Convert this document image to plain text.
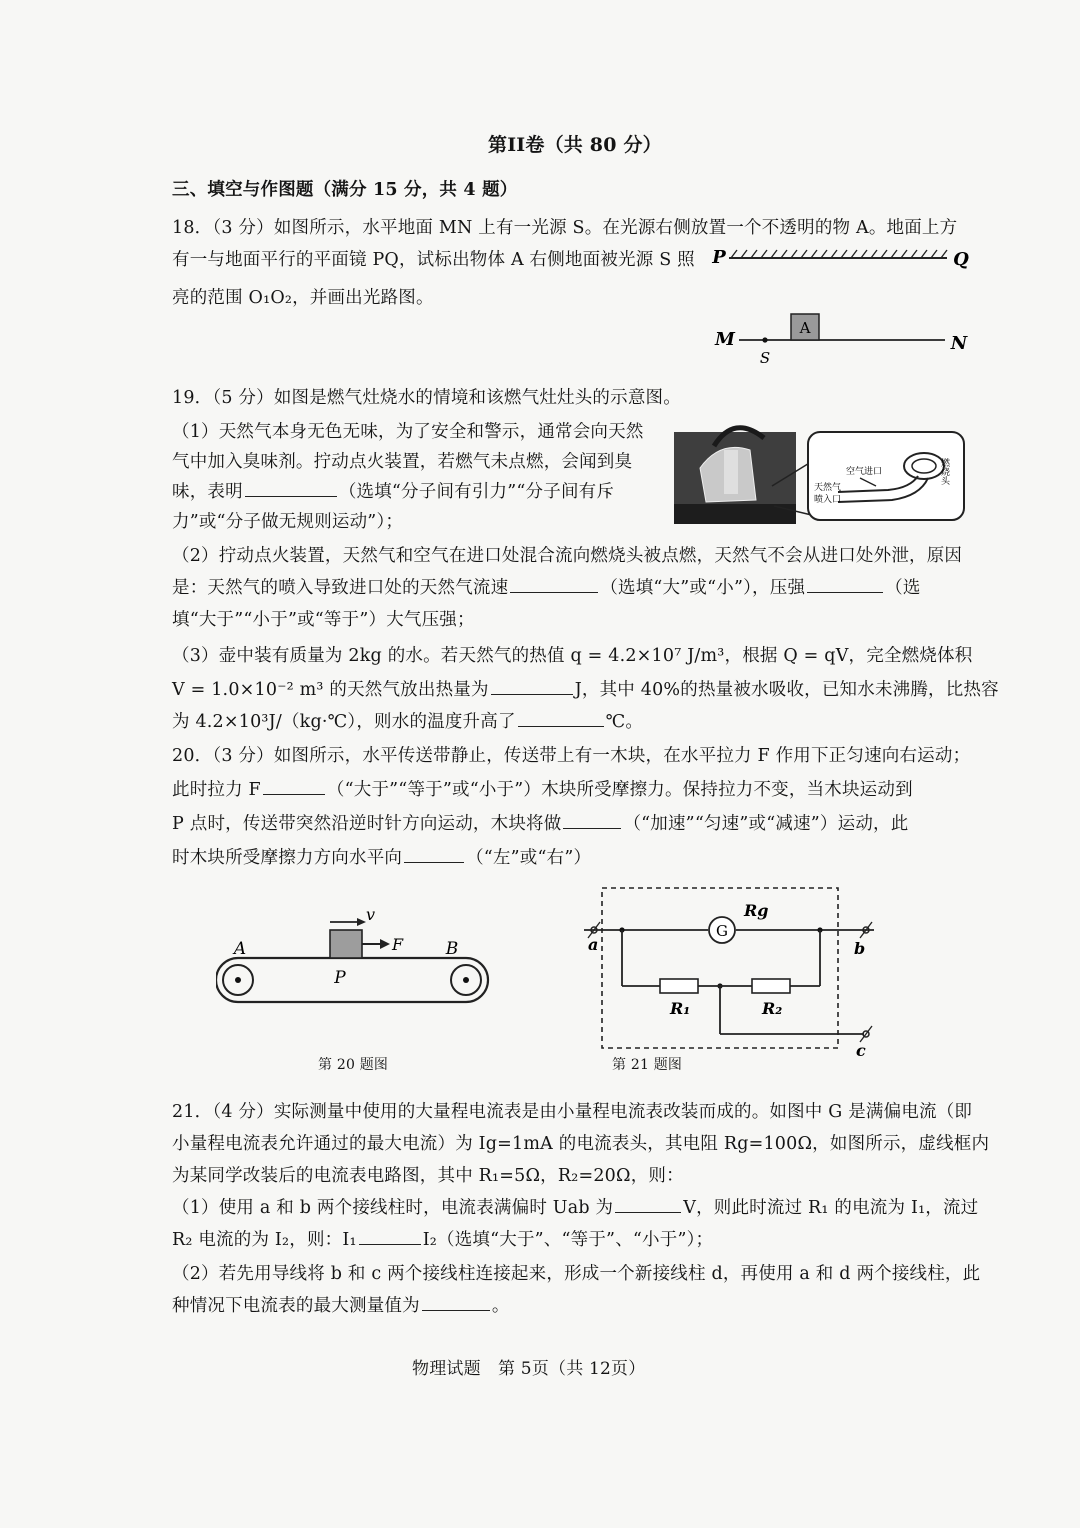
第II卷（共 80 分）
三、填空与作图题（满分 15 分，共 4 题）
18．（3 分）如图所示，水平地面 MN 上有一光源 S。在光源右侧放置一个不透明的物 A。地面上方
有一与地面平行的平面镜 PQ，试标出物体 A 右侧地面被光源 S 照
亮的范围 O₁O₂，并画出光路图。
P	Q
M	N
S
A
19．（5 分）如图是燃气灶烧水的情境和该燃气灶灶头的示意图。
（1）天然气本身无色无味，为了安全和警示，通常会向天然
气中加入臭味剂。拧动点火装置，若燃气未点燃，会闻到臭
味，表明	（选填“分子间有引力”“分子间有斥
力”或“分子做无规则运动”）；
空气进口
天然气
喷入口
燃烧头
（2）拧动点火装置，天然气和空气在进口处混合流向燃烧头被点燃，天然气不会从进口处外泄，原因
是：天然气的喷入导致进口处的天然气流速	（选填“大”或“小”），压强	（选
填“大于”“小于”或“等于”）大气压强；
（3）壶中装有质量为 2kg 的水。若天然气的热值 q = 4.2×10⁷ J/m³，根据 Q = qV，完全燃烧体积
V = 1.0×10⁻² m³ 的天然气放出热量为	J，其中 40%的热量被水吸收，已知水未沸腾，比热容
为 4.2×10³J/（kg·℃），则水的温度升高了	℃。
20．（3 分）如图所示，水平传送带静止，传送带上有一木块，在水平拉力 F 作用下正匀速向右运动；
此时拉力 F	（“大于”“等于”或“小于”）木块所受摩擦力。保持拉力不变，当木块运动到
P 点时，传送带突然沿逆时针方向运动，木块将做	（“加速”“匀速”或“减速”）运动，此
时木块所受摩擦力方向水平向	（“左”或“右”）
v
F
A	B
P
第 20 题图
G
Rg
a	b
R₁	R₂
c
第 21 题图
21．（4 分）实际测量中使用的大量程电流表是由小量程电流表改装而成的。如图中 G 是满偏电流（即
小量程电流表允许通过的最大电流）为 Ig=1mA 的电流表头，其电阻 Rg=100Ω，如图所示，虚线框内
为某同学改装后的电流表电路图，其中 R₁=5Ω，R₂=20Ω，则：
（1）使用 a 和 b 两个接线柱时，电流表满偏时 Uab 为	V，则此时流过 R₁ 的电流为 I₁，流过
R₂ 电流的为 I₂，则：I₁	I₂（选填“大于”、“等于”、“小于”）；
（2）若先用导线将 b 和 c 两个接线柱连接起来，形成一个新接线柱 d，再使用 a 和 d 两个接线柱，此
种情况下电流表的最大测量值为	。
物理试题　第 5页（共 12页）
